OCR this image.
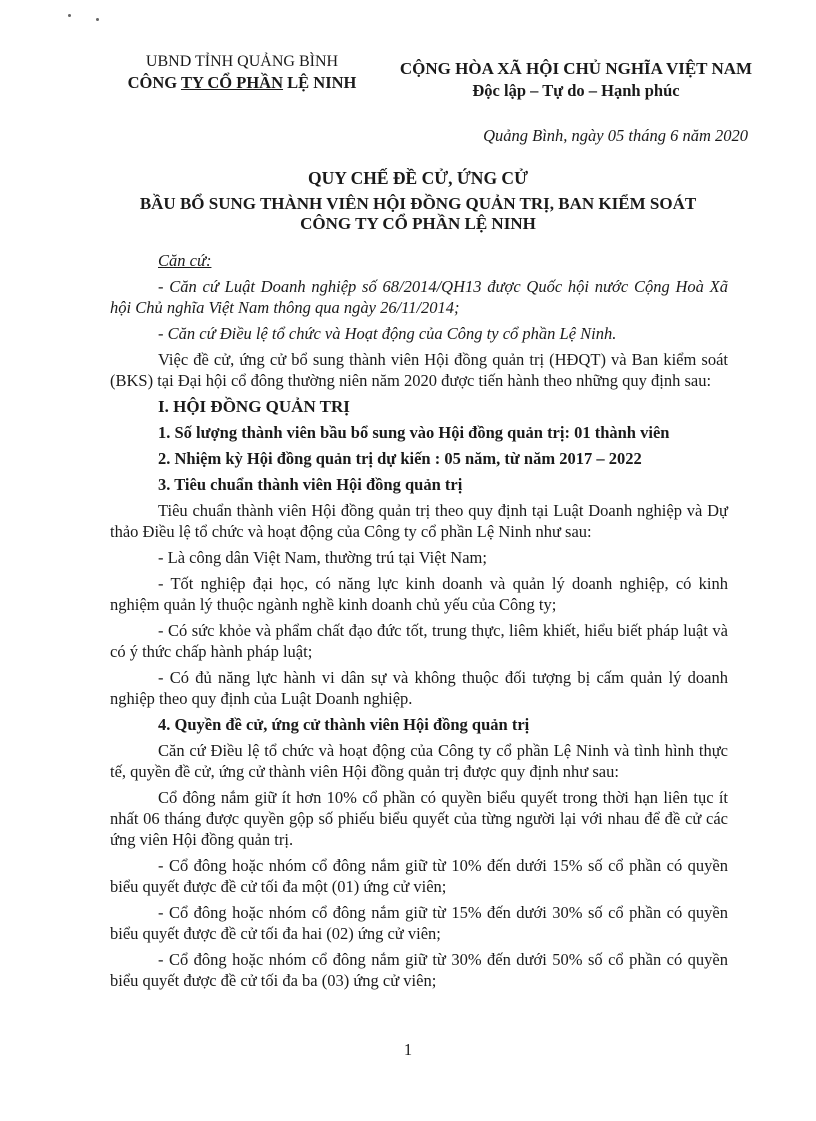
UBND TỈNH QUẢNG BÌNH
CÔNG TY CỔ PHẦN LỆ NINH
CỘNG HÒA XÃ HỘI CHỦ NGHĨA VIỆT NAM
Độc lập – Tự do – Hạnh phúc
Quảng Bình, ngày 05 tháng 6 năm 2020
QUY CHẾ ĐỀ CỬ, ỨNG CỬ
BẦU BỔ SUNG THÀNH VIÊN HỘI ĐỒNG QUẢN TRỊ, BAN KIỂM SOÁT
CÔNG TY CỔ PHẦN LỆ NINH

Căn cứ:

- Căn cứ Luật Doanh nghiệp số 68/2014/QH13 được Quốc hội nước Cộng Hoà Xã hội Chủ nghĩa Việt Nam thông qua ngày 26/11/2014;

- Căn cứ Điều lệ tổ chức và Hoạt động của Công ty cổ phần Lệ Ninh.

Việc đề cử, ứng cử bổ sung thành viên Hội đồng quản trị (HĐQT) và Ban kiểm soát (BKS) tại Đại hội cổ đông thường niên năm 2020 được tiến hành theo những quy định sau:

I. HỘI ĐỒNG QUẢN TRỊ

1. Số lượng thành viên bầu bổ sung vào Hội đồng quản trị: 01 thành viên

2. Nhiệm kỳ Hội đồng quản trị dự kiến : 05 năm, từ năm 2017 – 2022

3. Tiêu chuẩn thành viên Hội đồng quản trị

Tiêu chuẩn thành viên Hội đồng quản trị theo quy định tại Luật Doanh nghiệp và Dự thảo Điều lệ tổ chức và hoạt động của Công ty cổ phần Lệ Ninh như sau:

- Là công dân Việt Nam, thường trú tại Việt Nam;

- Tốt nghiệp đại học, có năng lực kinh doanh và quản lý doanh nghiệp, có kinh nghiệm quản lý thuộc ngành nghề kinh doanh chủ yếu của Công ty;

- Có sức khỏe và phẩm chất đạo đức tốt, trung thực, liêm khiết, hiểu biết pháp luật và có ý thức chấp hành pháp luật;

- Có đủ năng lực hành vi dân sự và không thuộc đối tượng bị cấm quản lý doanh nghiệp theo quy định của Luật Doanh nghiệp.

4. Quyền đề cử, ứng cử thành viên Hội đồng quản trị

Căn cứ Điều lệ tổ chức và hoạt động của Công ty cổ phần Lệ Ninh và tình hình thực tế, quyền đề cử, ứng cử thành viên Hội đồng quản trị được quy định như sau:

Cổ đông nắm giữ ít hơn 10% cổ phần có quyền biểu quyết trong thời hạn liên tục ít nhất 06 tháng được quyền gộp số phiếu biểu quyết của từng người lại với nhau để đề cử các ứng viên Hội đồng quản trị.

- Cổ đông hoặc nhóm cổ đông nắm giữ từ 10% đến dưới 15% số cổ phần có quyền biểu quyết được đề cử tối đa một (01) ứng cử viên;

- Cổ đông hoặc nhóm cổ đông nắm giữ từ 15% đến dưới 30% số cổ phần có quyền biểu quyết được đề cử tối đa hai (02) ứng cử viên;

- Cổ đông hoặc nhóm cổ đông nắm giữ từ 30% đến dưới 50% số cổ phần có quyền biểu quyết được đề cử tối đa ba (03) ứng cử viên;

1
